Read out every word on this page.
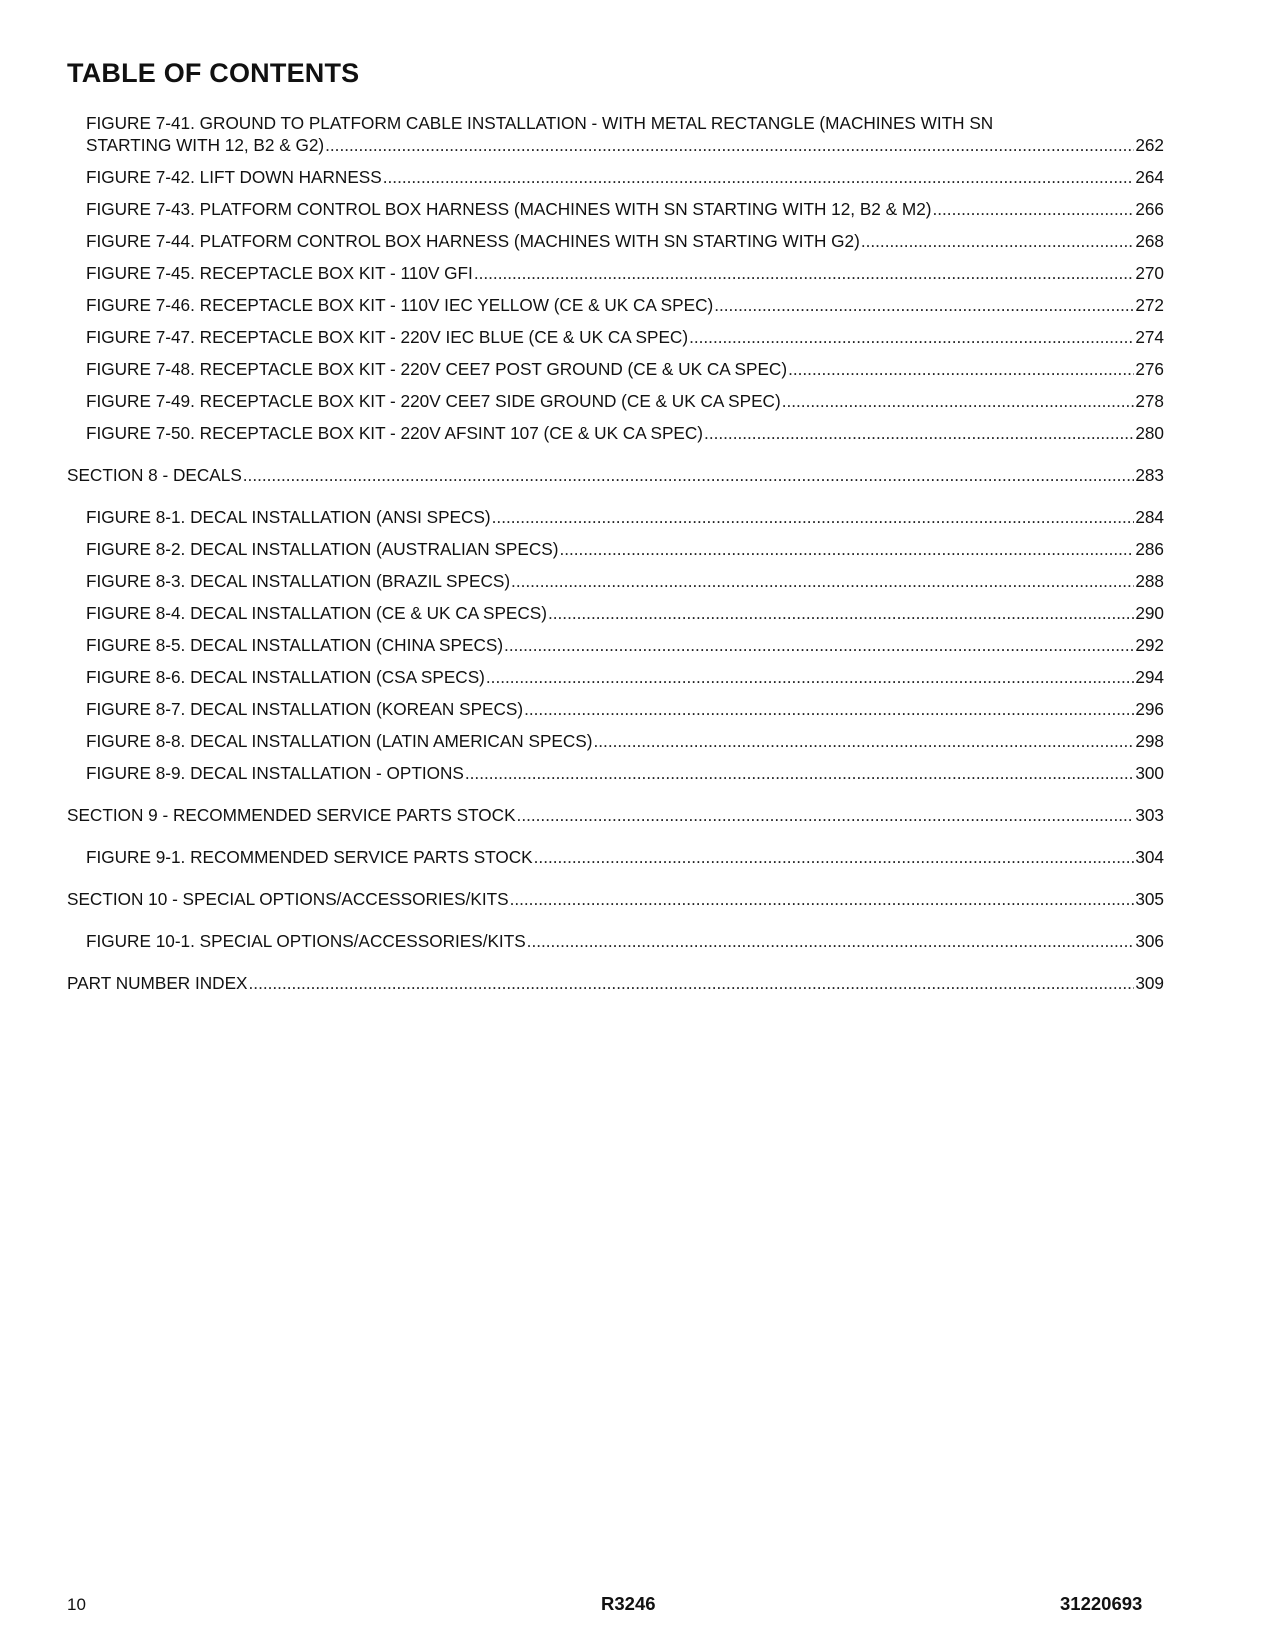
TABLE OF CONTENTS
FIGURE 7-41. GROUND TO PLATFORM CABLE INSTALLATION ‑ WITH METAL RECTANGLE (MACHINES WITH SN
STARTING WITH 12, B2 & G2) .....	262
FIGURE 7-42. LIFT DOWN HARNESS .....	264
FIGURE 7-43. PLATFORM CONTROL BOX HARNESS (MACHINES WITH SN STARTING WITH 12, B2 & M2) .....	266
FIGURE 7-44. PLATFORM CONTROL BOX HARNESS (MACHINES WITH SN STARTING WITH G2) .....	268
FIGURE 7-45. RECEPTACLE BOX KIT - 110V GFI .....	270
FIGURE 7-46. RECEPTACLE BOX KIT - 110V IEC YELLOW (CE & UK CA SPEC) .....	272
FIGURE 7-47. RECEPTACLE BOX KIT - 220V IEC BLUE (CE & UK CA SPEC) .....	274
FIGURE 7-48. RECEPTACLE BOX KIT - 220V CEE7 POST GROUND (CE & UK CA SPEC) .....	276
FIGURE 7-49. RECEPTACLE BOX KIT - 220V CEE7 SIDE GROUND (CE & UK CA SPEC) .....	278
FIGURE 7-50. RECEPTACLE BOX KIT - 220V AFSINT 107 (CE & UK CA SPEC) .....	280
SECTION 8 - DECALS .....	283
FIGURE 8-1. DECAL INSTALLATION (ANSI SPECS) .....	284
FIGURE 8-2. DECAL INSTALLATION (AUSTRALIAN SPECS) .....	286
FIGURE 8-3. DECAL INSTALLATION (BRAZIL SPECS) .....	288
FIGURE 8-4. DECAL INSTALLATION (CE & UK CA SPECS) .....	290
FIGURE 8-5. DECAL INSTALLATION (CHINA SPECS) .....	292
FIGURE 8-6. DECAL INSTALLATION (CSA SPECS) .....	294
FIGURE 8-7. DECAL INSTALLATION (KOREAN SPECS) .....	296
FIGURE 8-8. DECAL INSTALLATION (LATIN AMERICAN SPECS) .....	298
FIGURE 8-9. DECAL INSTALLATION - OPTIONS .....	300
SECTION 9 - RECOMMENDED SERVICE PARTS STOCK .....	303
FIGURE 9-1. RECOMMENDED SERVICE PARTS STOCK .....	304
SECTION 10 - SPECIAL OPTIONS/ACCESSORIES/KITS .....	305
FIGURE 10-1. SPECIAL OPTIONS/ACCESSORIES/KITS .....	306
PART NUMBER INDEX .....	309
10	R3246	31220693
